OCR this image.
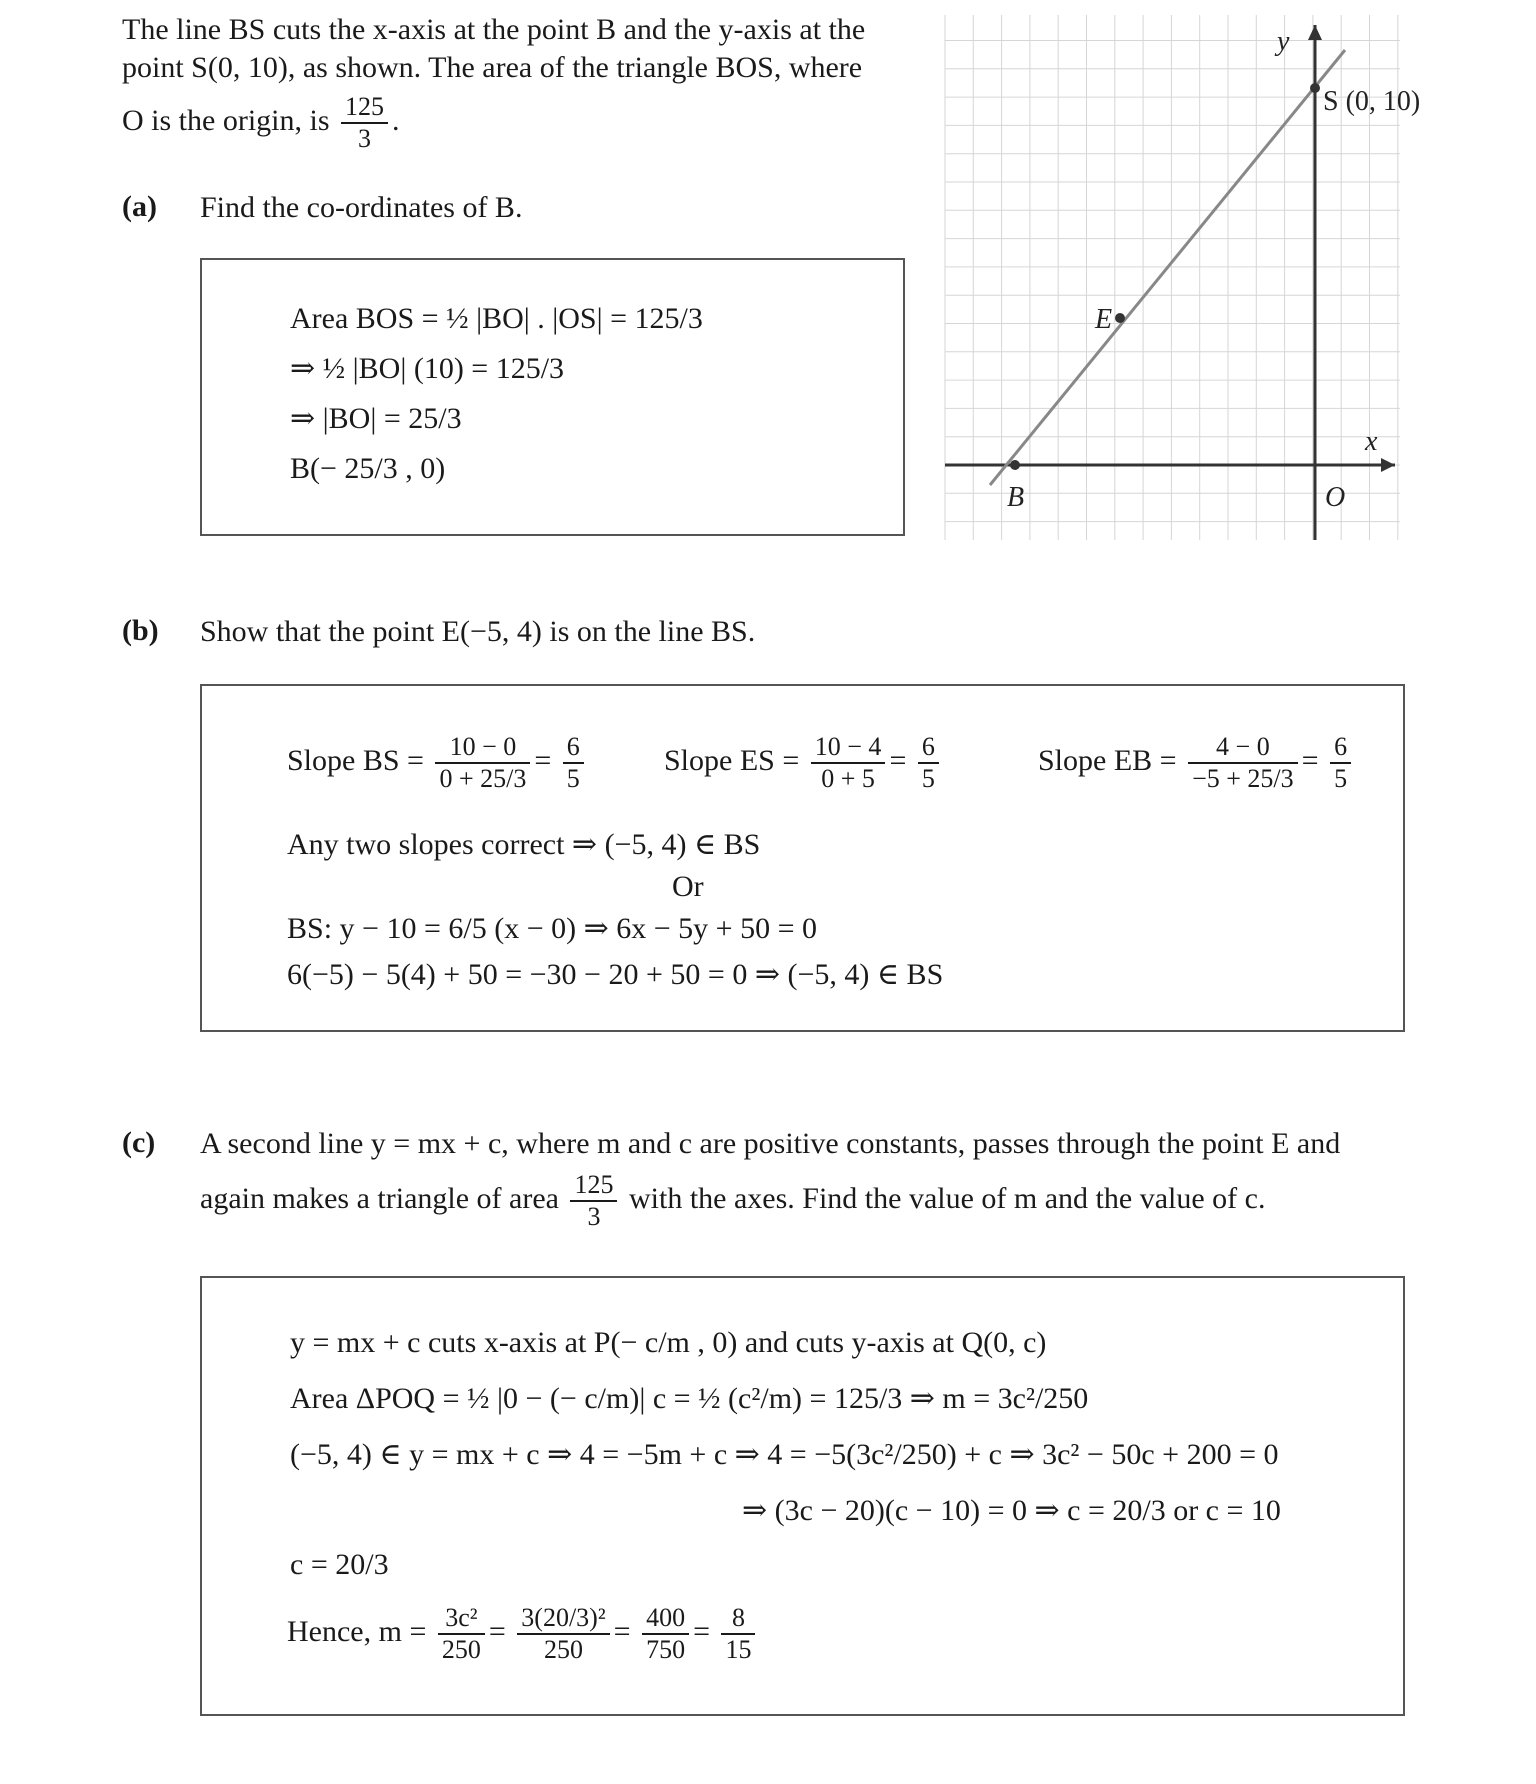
The line BS cuts the x-axis at the point B and the y-axis at the
point S(0, 10), as shown. The area of the triangle BOS, where
O is the origin, is $\frac{125}{3}$ .
(a) Find the co-ordinates of B.
Area BOS = ½ |BO| . |OS| = 125/3
⇒ ½ |BO| (10) = 125/3
⇒ |BO| = 25/3
B(− 25/3 , 0)
y
x
S (0, 10)
E
B	O
(b) Show that the point E(−5, 4) is on the line BS.
Slope BS = $\frac{10 - 0}{0 + 25/3} = \frac{6}{5}$	Slope ES = $\frac{10 - 4}{0 + 5} = \frac{6}{5}$	Slope EB = $\frac{4 - 0}{-5 + 25/3} = \frac{6}{5}$
Any two slopes correct ⇒ (−5, 4) ∈ BS
Or
BS: y − 10 = 6/5 (x − 0) ⇒ 6x − 5y + 50 = 0
6(−5) − 5(4) + 50 = −30 − 20 + 50 = 0 ⇒ (−5, 4) ∈ BS
(c) A second line y = mx + c, where m and c are positive constants, passes through the point E and
again makes a triangle of area $\frac{125}{3}$ with the axes. Find the value of m and the value of c.
y = mx + c cuts x-axis at P(− c/m , 0) and cuts y-axis at Q(0, c)
Area ΔPOQ = ½ |0 − (− c/m)| c = ½ (c²/m) = 125/3 ⇒ m = 3c²/250
(−5, 4) ∈ y = mx + c ⇒ 4 = −5m + c ⇒ 4 = −5(3c²/250) + c ⇒ 3c² − 50c + 200 = 0
⇒ (3c − 20)(c − 10) = 0 ⇒ c = 20/3 or c = 10
c = 20/3
Hence, $m = \frac{\text{3c²}}{250} = \frac{\text{3(20/3)²}}{250} = \frac{400}{750} = \frac{8}{15}$
